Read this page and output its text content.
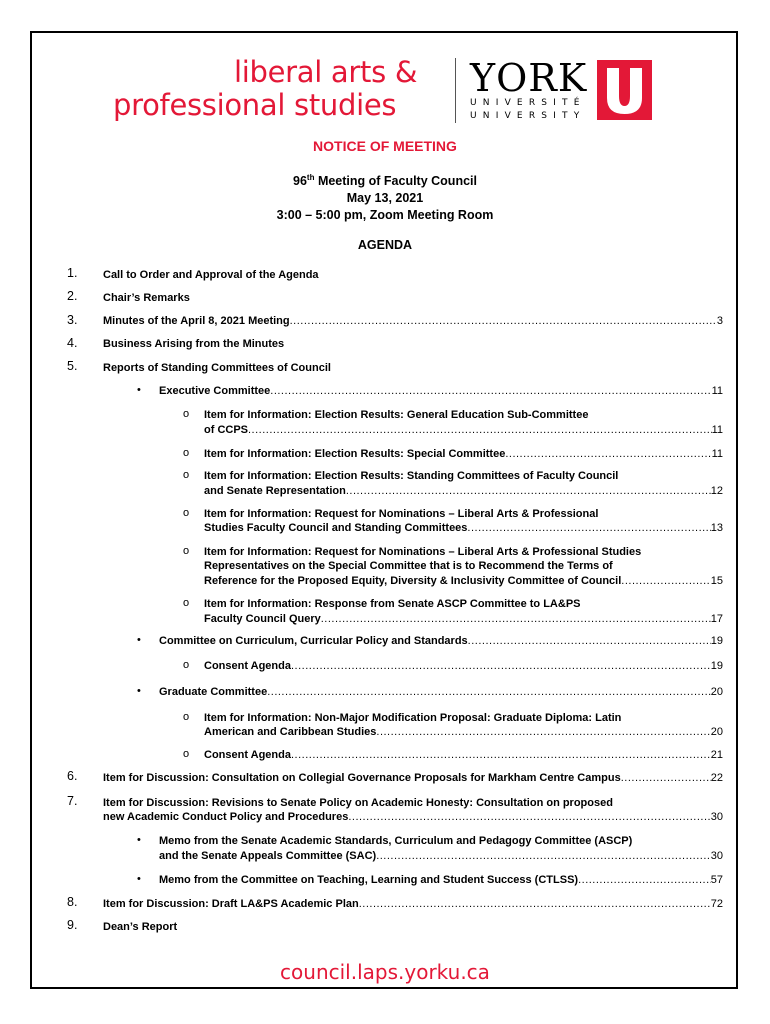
liberal arts &
professional studies
YORK
UNIVERSITÉ
UNIVERSITY
NOTICE OF MEETING
96th Meeting of Faculty Council
May 13, 2021
3:00 – 5:00 pm, Zoom Meeting Room
AGENDA
1. Call to Order and Approval of the Agenda
2. Chair’s Remarks
3. Minutes of the April 8, 2021 Meeting .....	3
4. Business Arising from the Minutes
5. Reports of Standing Committees of Council
• Executive Committee .....	11
o Item for Information: Election Results: General Education Sub-Committee
of CCPS .....	11
o Item for Information: Election Results: Special Committee .....	11
o Item for Information: Election Results: Standing Committees of Faculty Council
and Senate Representation .....	12
o Item for Information: Request for Nominations – Liberal Arts & Professional
Studies Faculty Council and Standing Committees .....	13
o Item for Information: Request for Nominations – Liberal Arts & Professional Studies
Representatives on the Special Committee that is to Recommend the Terms of
Reference for the Proposed Equity, Diversity & Inclusivity Committee of Council .....	15
o Item for Information: Response from Senate ASCP Committee to LA&PS
Faculty Council Query .....	17
• Committee on Curriculum, Curricular Policy and Standards .....	19
o Consent Agenda .....	19
• Graduate Committee .....	20
o Item for Information: Non-Major Modification Proposal: Graduate Diploma: Latin
American and Caribbean Studies .....	20
o Consent Agenda .....	21
6. Item for Discussion: Consultation on Collegial Governance Proposals for Markham Centre Campus .....	22
7. Item for Discussion: Revisions to Senate Policy on Academic Honesty: Consultation on proposed
new Academic Conduct Policy and Procedures .....	30
• Memo from the Senate Academic Standards, Curriculum and Pedagogy Committee (ASCP)
and the Senate Appeals Committee (SAC) .....	30
• Memo from the Committee on Teaching, Learning and Student Success (CTLSS) .....	57
8. Item for Discussion: Draft LA&PS Academic Plan .....	72
9. Dean’s Report
council.laps.yorku.ca
